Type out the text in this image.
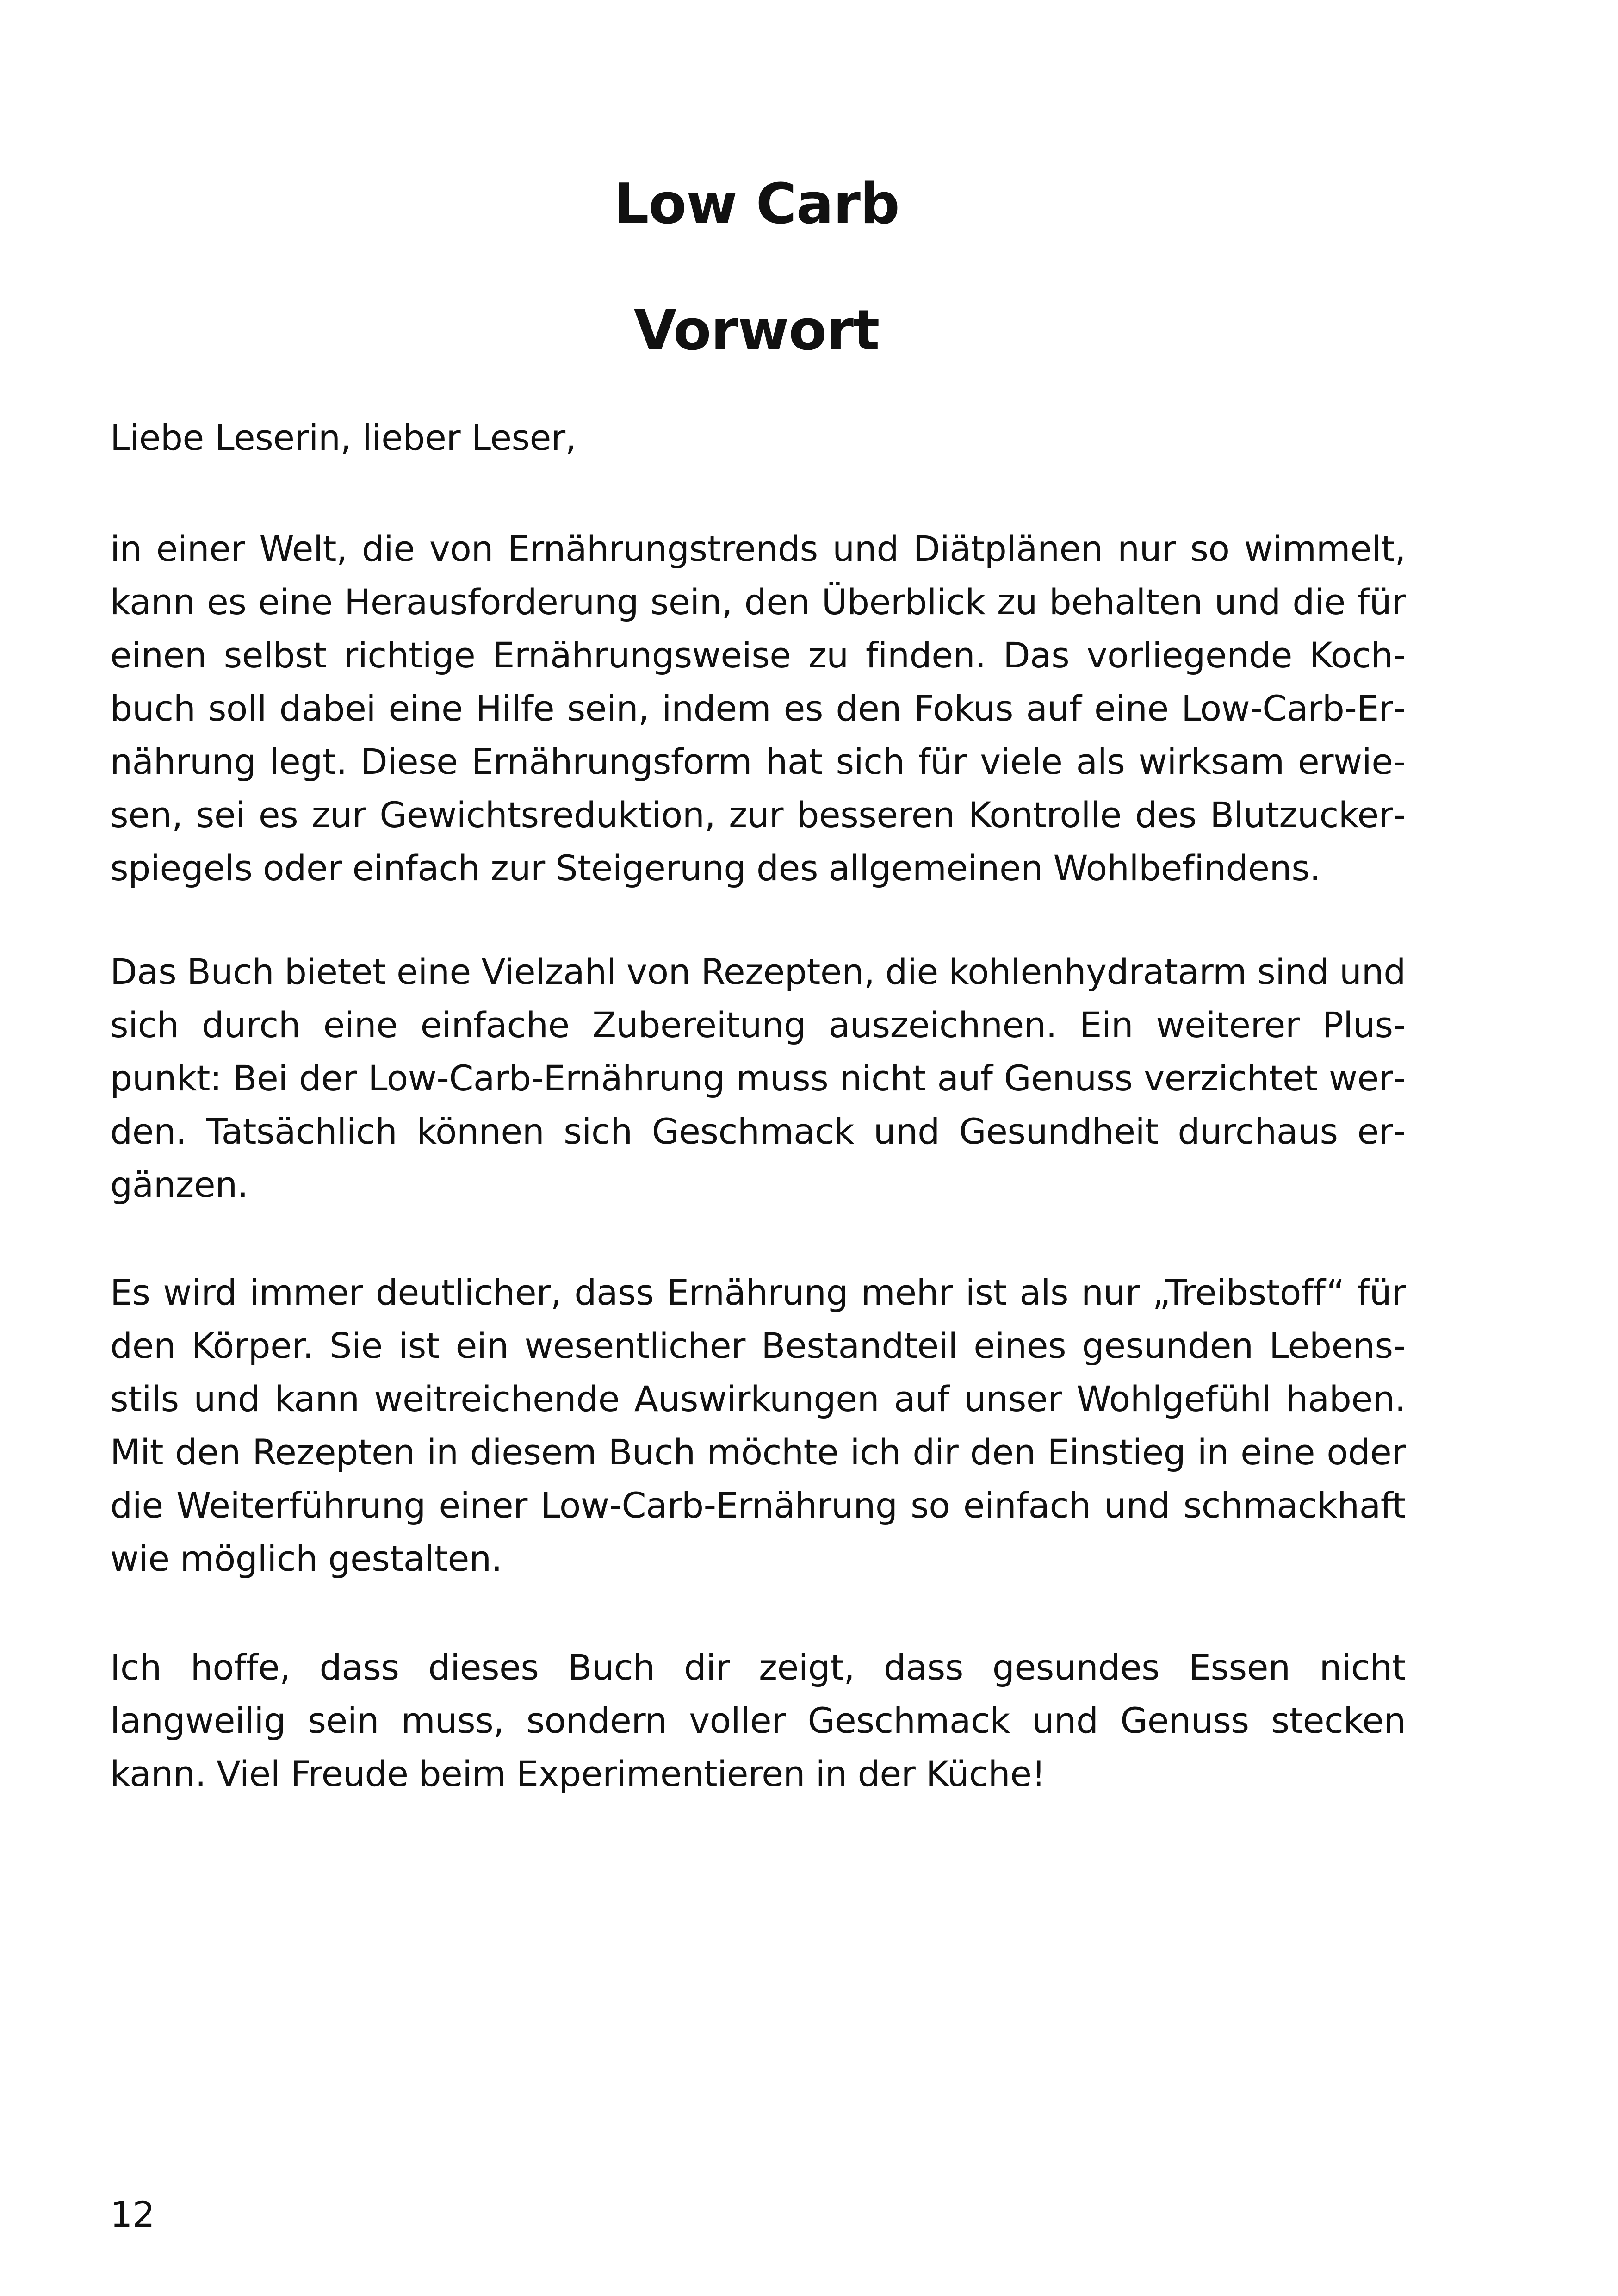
Low Carb
Vorwort

Liebe Leserin, lieber Leser,

in einer Welt, die von Ernährungstrends und Diätplänen nur so wimmelt, kann es eine Herausforderung sein, den Überblick zu behalten und die für einen selbst richtige Ernährungsweise zu finden. Das vorliegende Kochbuch soll dabei eine Hilfe sein, indem es den Fokus auf eine Low-Carb-Ernährung legt. Diese Ernährungsform hat sich für viele als wirksam erwiesen, sei es zur Gewichtsreduktion, zur besseren Kontrolle des Blutzuckerspiegels oder einfach zur Steigerung des allgemeinen Wohlbefindens.

Das Buch bietet eine Vielzahl von Rezepten, die kohlenhydratarm sind und sich durch eine einfache Zubereitung auszeichnen. Ein weiterer Pluspunkt: Bei der Low-Carb-Ernährung muss nicht auf Genuss verzichtet werden. Tatsächlich können sich Geschmack und Gesundheit durchaus ergänzen.

Es wird immer deutlicher, dass Ernährung mehr ist als nur „Treibstoff“ für den Körper. Sie ist ein wesentlicher Bestandteil eines gesunden Lebensstils und kann weitreichende Auswirkungen auf unser Wohlgefühl haben. Mit den Rezepten in diesem Buch möchte ich dir den Einstieg in eine oder die Weiterführung einer Low-Carb-Ernährung so einfach und schmackhaft wie möglich gestalten.

Ich hoffe, dass dieses Buch dir zeigt, dass gesundes Essen nicht langweilig sein muss, sondern voller Geschmack und Genuss stecken kann. Viel Freude beim Experimentieren in der Küche!

12
